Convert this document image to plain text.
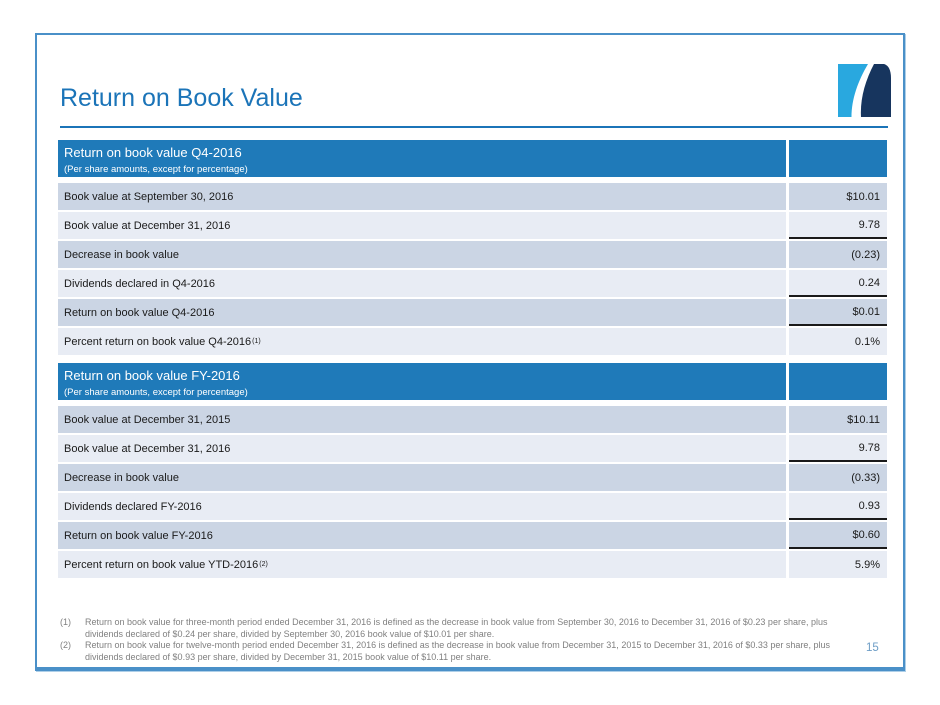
Return on Book Value
Return on book value Q4-2016
(Per share amounts, except for percentage)
Book value at September 30, 2016	$10.01
Book value at December 31, 2016	9.78
Decrease in book value	(0.23)
Dividends declared in Q4-2016	0.24
Return on book value Q4-2016	$0.01
Percent return on book value Q4-2016 (1)	0.1%
Return on book value FY-2016
(Per share amounts, except for percentage)
Book value at December 31, 2015	$10.11
Book value at December 31, 2016	9.78
Decrease in book value	(0.33)
Dividends declared FY-2016	0.93
Return on book value FY-2016	$0.60
Percent return on book value YTD-2016 (2)	5.9%
(1)	Return on book value for three-month period ended December 31, 2016 is defined as the decrease in book value from September 30, 2016 to December 31, 2016 of $0.23 per share, plus dividends declared of $0.24 per share, divided by September 30, 2016 book value of $10.01 per share.
(2)	Return on book value for twelve-month period ended December 31, 2016 is defined as the decrease in book value from December 31, 2015 to December 31, 2016 of $0.33 per share, plus dividends declared of $0.93 per share, divided by December 31, 2015 book value of $10.11 per share.
15
